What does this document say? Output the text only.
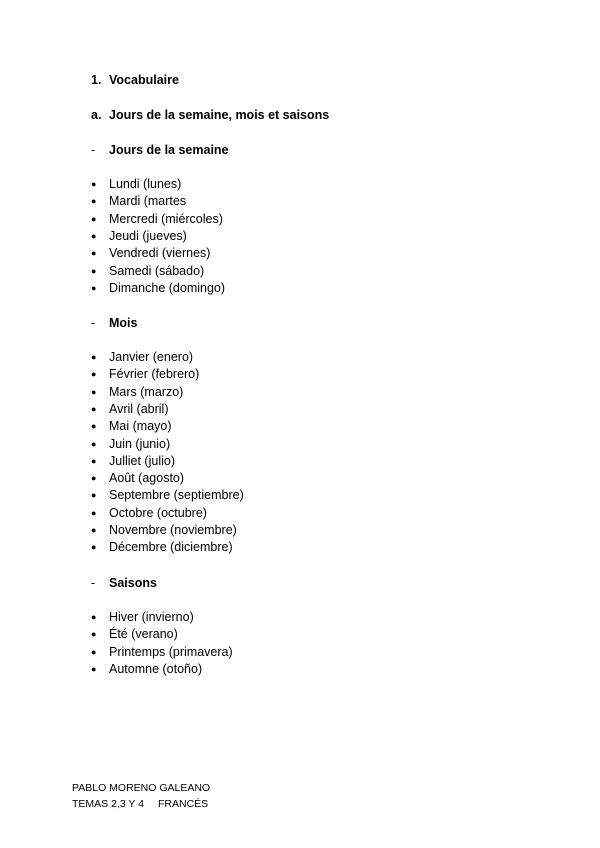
1. Vocabulaire
a. Jours de la semaine, mois et saisons
- Jours de la semaine
● Lundi (lunes)
● Mardi (martes
● Mercredi (miércoles)
● Jeudi (jueves)
● Vendredi (viernes)
● Samedi (sábado)
● Dimanche (domingo)
- Mois
● Janvier (enero)
● Février (febrero)
● Mars (marzo)
● Avril (abril)
● Mai (mayo)
● Juin (junio)
● Julliet (julio)
● Août (agosto)
● Septembre (septiembre)
● Octobre (octubre)
● Novembre (noviembre)
● Décembre (diciembre)
- Saisons
● Hiver (invierno)
● Été (verano)
● Printemps (primavera)
● Automne (otoño)
PABLO MORENO GALEANO
TEMAS 2,3 Y 4 FRANCÉS
